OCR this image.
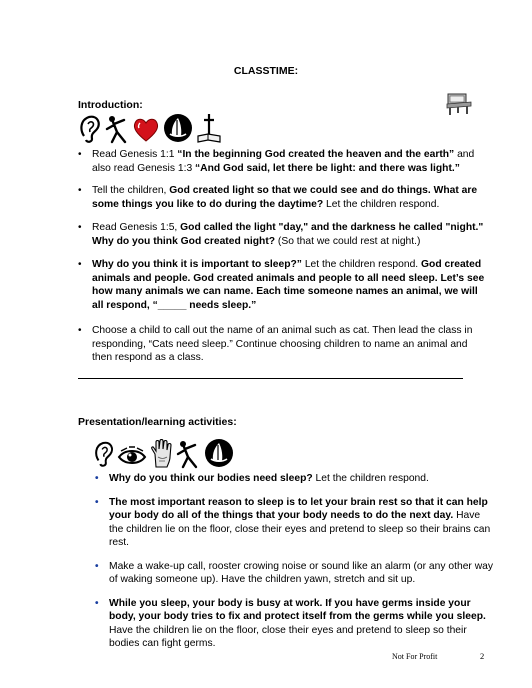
CLASSTIME:
Introduction:
• Read Genesis 1:1 “In the beginning God created the heaven and the earth” and also read Genesis 1:3 “And God said, let there be light: and there was light.”
• Tell the children, God created light so that we could see and do things. What are some things you like to do during the daytime? Let the children respond.
• Read Genesis 1:5, God called the light "day," and the darkness he called "night." Why do you think God created night? (So that we could rest at night.)
• Why do you think it is important to sleep?” Let the children respond. God created animals and people. God created animals and people to all need sleep. Let’s see how many animals we can name. Each time someone names an animal, we will all respond, “_____ needs sleep.”
• Choose a child to call out the name of an animal such as cat. Then lead the class in responding, “Cats need sleep.” Continue choosing children to name an animal and then respond as a class.
Presentation/learning activities:
• Why do you think our bodies need sleep? Let the children respond.
• The most important reason to sleep is to let your brain rest so that it can help your body do all of the things that your body needs to do the next day. Have the children lie on the floor, close their eyes and pretend to sleep so their brains can rest.
• Make a wake-up call, rooster crowing noise or sound like an alarm (or any other way of waking someone up). Have the children yawn, stretch and sit up.
• While you sleep, your body is busy at work. If you have germs inside your body, your body tries to fix and protect itself from the germs while you sleep. Have the children lie on the floor, close their eyes and pretend to sleep so their bodies can fight germs.
Not For Profit	2
